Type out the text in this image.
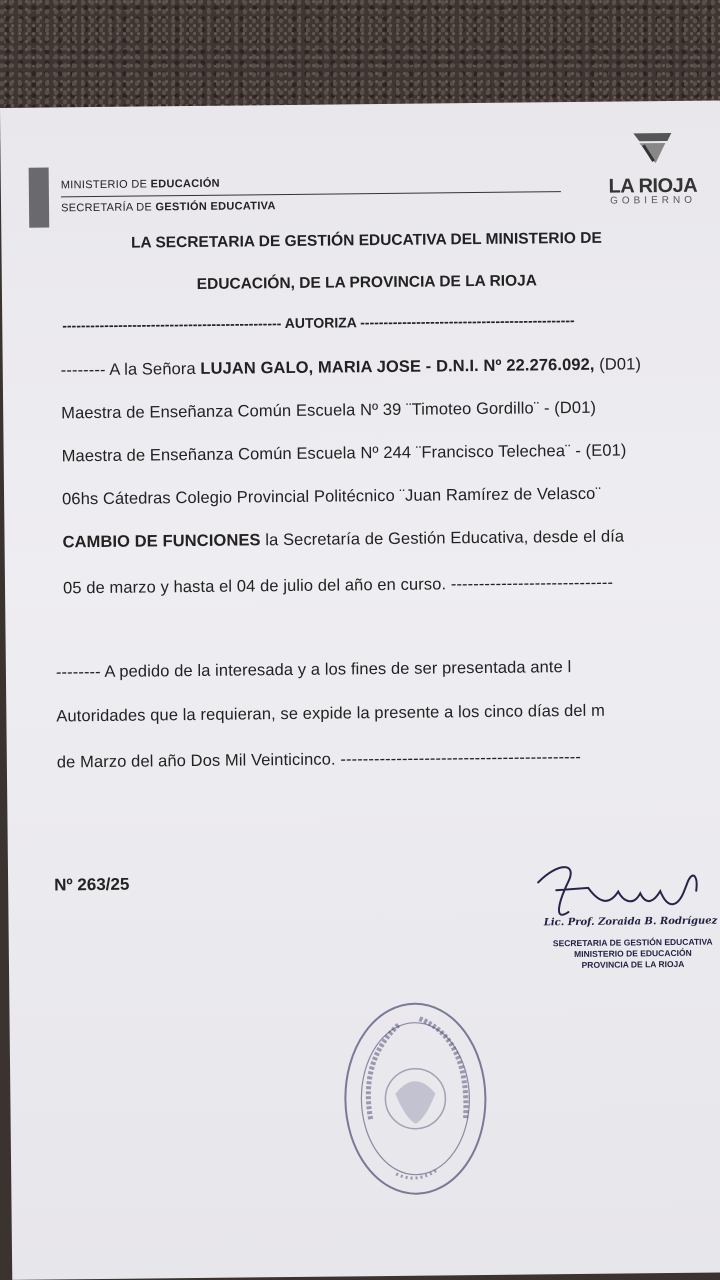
MINISTERIO DE EDUCACIÓN
SECRETARÍA DE GESTIÓN EDUCATIVA
LA RIOJA
GOBIERNO
LA SECRETARIA DE GESTIÓN EDUCATIVA DEL MINISTERIO DE
EDUCACIÓN, DE LA PROVINCIA DE LA RIOJA
----------------------------------------------- AUTORIZA ----------------------------------------------
-------- A la Señora LUJAN GALO, MARIA JOSE - D.N.I. Nº 22.276.092, (D01)
Maestra de Enseñanza Común Escuela Nº 39 ¨Timoteo Gordillo¨ - (D01)
Maestra de Enseñanza Común Escuela Nº 244 ¨Francisco Telechea¨ - (E01)
06hs Cátedras Colegio Provincial Politécnico ¨Juan Ramírez de Velasco¨
CAMBIO DE FUNCIONES la Secretaría de Gestión Educativa, desde el día
05 de marzo y hasta el 04 de julio del año en curso. -----------------------------
-------- A pedido de la interesada y a los fines de ser presentada ante l
Autoridades que la requieran, se expide la presente a los cinco días del m
de Marzo del año Dos Mil Veinticinco. -------------------------------------------
Nº 263/25
Lic. Prof. Zoraida B. Rodríguez
SECRETARIA DE GESTIÓN EDUCATIVA
MINISTERIO DE EDUCACIÓN
PROVINCIA DE LA RIOJA
